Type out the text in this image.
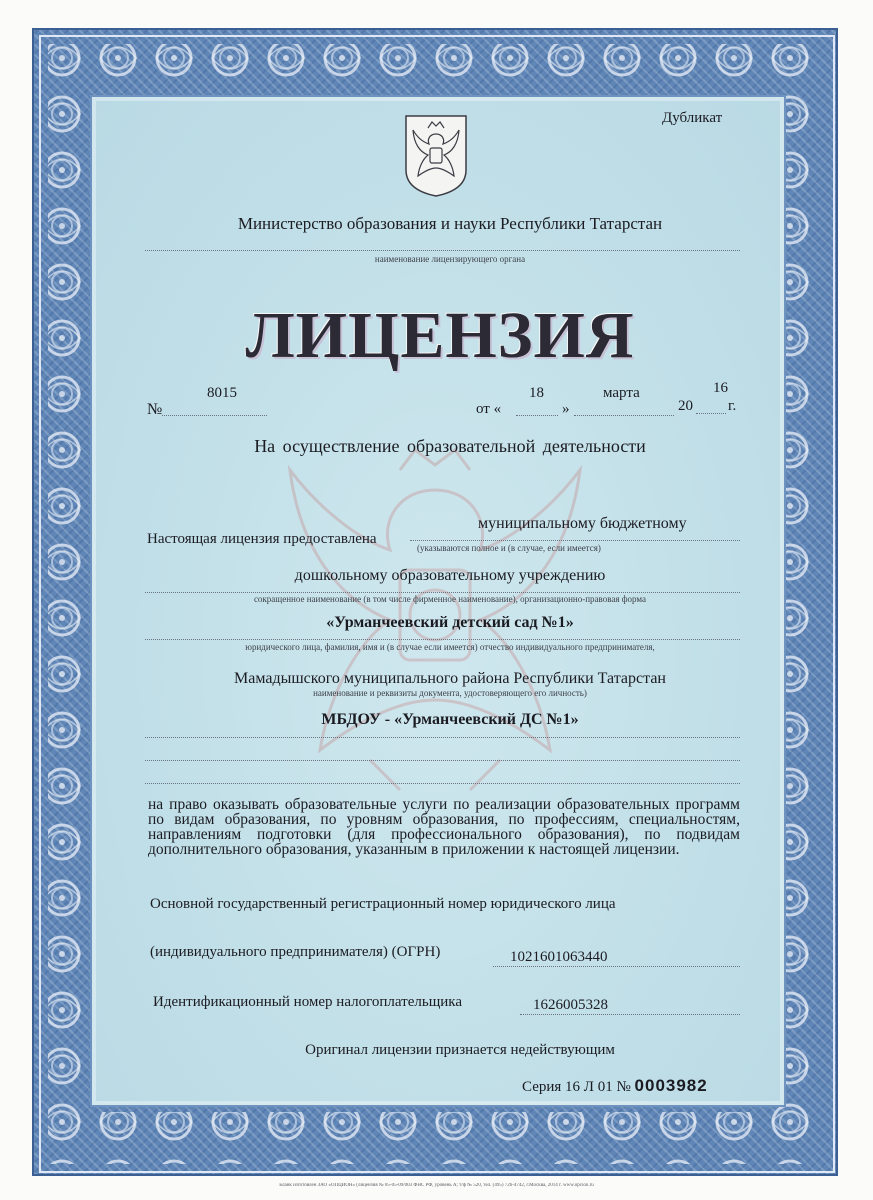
Дубликат
Министерство образования и науки Республики Татарстан
наименование лицензирующего органа
ЛИЦЕНЗИЯ
№
8015
от «
18
»
марта
20
16
г.
На осуществление образовательной деятельности
Настоящая лицензия предоставлена
муниципальному бюджетному
(указываются полное и (в случае, если имеется)
дошкольному образовательному учреждению
сокращенное наименование (в том числе фирменное наименование), организационно-правовая форма
«Урманчеевский детский сад №1»
юридического лица, фамилия, имя и (в случае если имеется) отчество индивидуального предпринимателя,
Мамадышского муниципального района Республики Татарстан
наименование и реквизиты документа, удостоверяющего его личность)
МБДОУ - «Урманчеевский ДС №1»
на право оказывать образовательные услуги по реализации образовательных программ по видам образования, по уровням образования, по профессиям, специальностям, направлениям подготовки (для профессионального образования), по подвидам дополнительного образования, указанным в приложении к настоящей лицензии.
Основной государственный регистрационный номер юридического лица
(индивидуального предпринимателя) (ОГРН)	1021601063440
Идентификационный номер налогоплательщика	1626005328
Оригинал лицензии признается недействующим
Серия 16 Л 01 № 0003982
Бланк изготовлен ЗАО «ОПЦИОН» (лицензия № 05-05-09/003 ФНС РФ, уровень А; т/ф № 520, тел. (495) 726-4742, г.Москва, 2014 г. www.opcion.ru
